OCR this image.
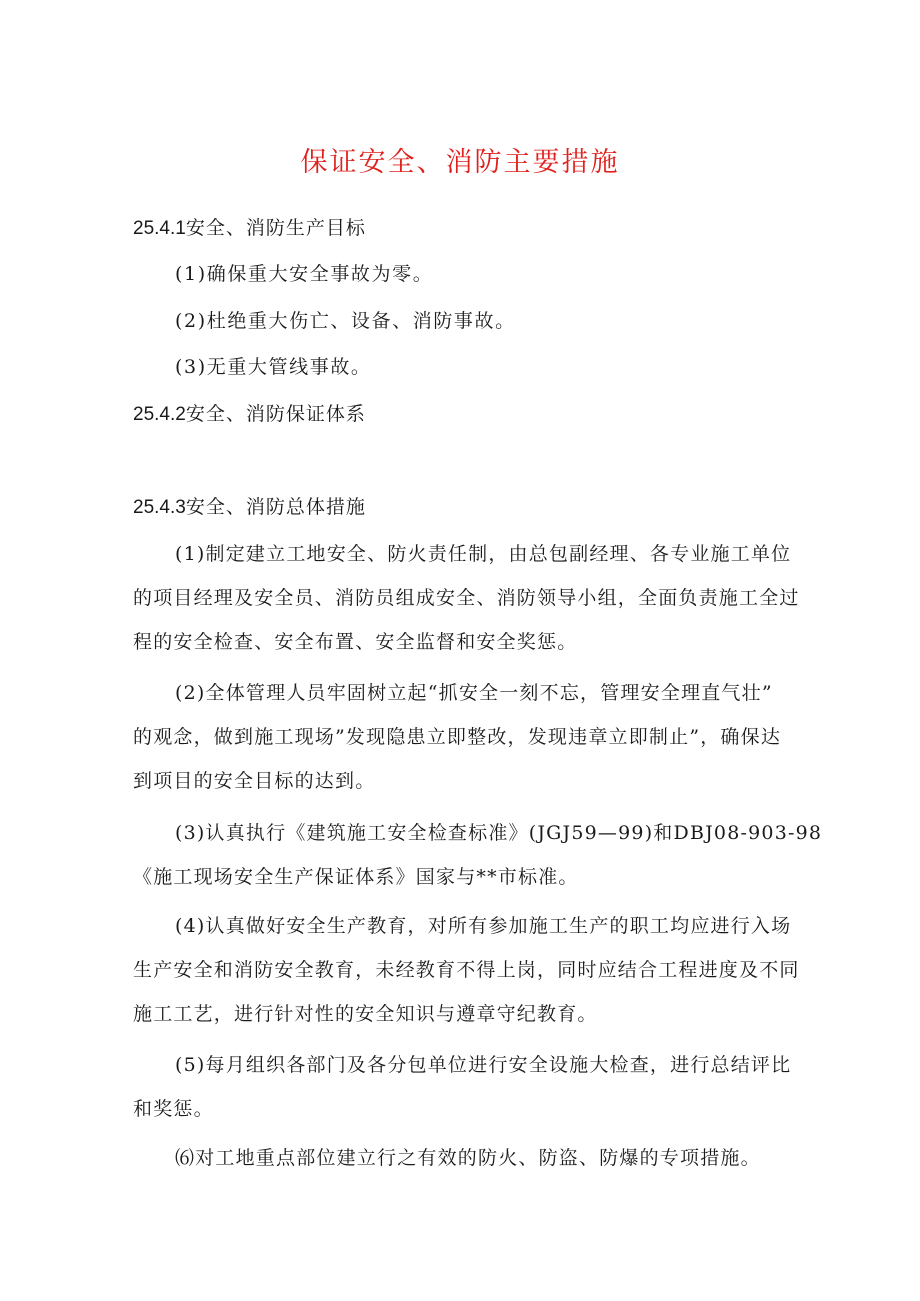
保证安全、消防主要措施
25.4.1安全、消防生产目标
(1)确保重大安全事故为零。
(2)杜绝重大伤亡、设备、消防事故。
(3)无重大管线事故。
25.4.2安全、消防保证体系
25.4.3安全、消防总体措施
(1)制定建立工地安全、防火责任制，由总包副经理、各专业施工单位
的项目经理及安全员、消防员组成安全、消防领导小组，全面负责施工全过
程的安全检查、安全布置、安全监督和安全奖惩。
(2)全体管理人员牢固树立起“抓安全一刻不忘，管理安全理直气壮”
的观念，做到施工现场”发现隐患立即整改，发现违章立即制止”，确保达
到项目的安全目标的达到。
(3)认真执行《建筑施工安全检查标准》(JGJ59—99)和DBJ08-903-98
《施工现场安全生产保证体系》国家与**市标准。
(4)认真做好安全生产教育，对所有参加施工生产的职工均应进行入场
生产安全和消防安全教育，未经教育不得上岗，同时应结合工程进度及不同
施工工艺，进行针对性的安全知识与遵章守纪教育。
(5)每月组织各部门及各分包单位进行安全设施大检查，进行总结评比
和奖惩。
⑹对工地重点部位建立行之有效的防火、防盗、防爆的专项措施。
